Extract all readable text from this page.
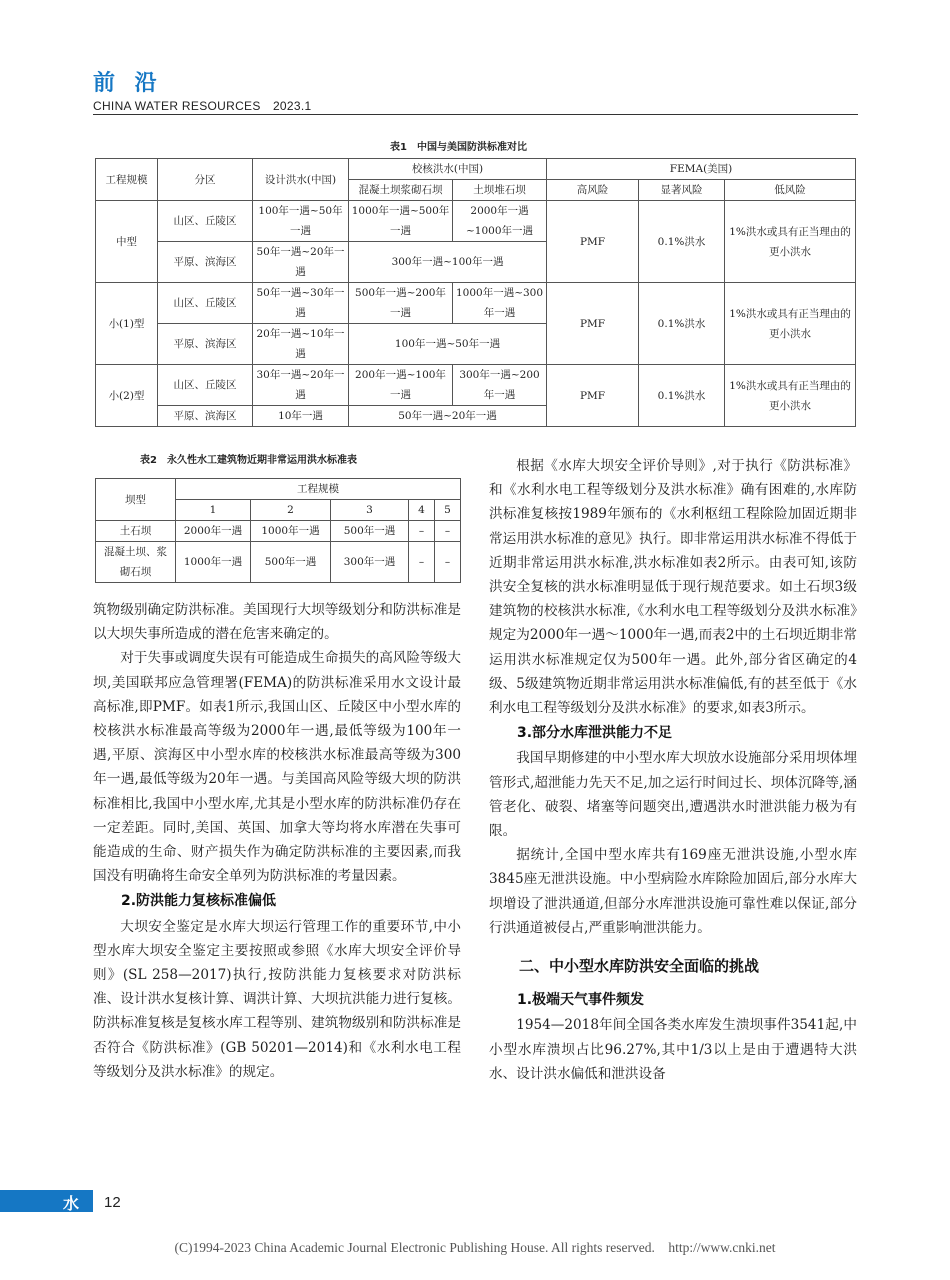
前 沿
CHINA WATER RESOURCES　2023.1
表1　中国与美国防洪标准对比
工程规模	分区	设计洪水(中国)	校核洪水(中国)		FEMA(美国)		
			混凝土坝浆砌石坝	土坝堆石坝	高风险	显著风险	低风险
中型	山区、丘陵区	100年一遇~50年一遇	1000年一遇~500年一遇	2000年一遇~1000年一遇	PMF	0.1%洪水	1%洪水或具有正当理由的更小洪水
	平原、滨海区	50年一遇~20年一遇	300年一遇~100年一遇				
小(1)型	山区、丘陵区	50年一遇~30年一遇	500年一遇~200年一遇	1000年一遇~300年一遇	PMF	0.1%洪水	1%洪水或具有正当理由的更小洪水
	平原、滨海区	20年一遇~10年一遇	100年一遇~50年一遇				
小(2)型	山区、丘陵区	30年一遇~20年一遇	200年一遇~100年一遇	300年一遇~200年一遇	PMF	0.1%洪水	1%洪水或具有正当理由的更小洪水
	平原、滨海区	10年一遇	50年一遇~20年一遇				
表2　永久性水工建筑物近期非常运用洪水标准表
坝型	工程规模				
	1	2	3	4	5
土石坝	2000年一遇	1000年一遇	500年一遇	–	–
混凝土坝、浆砌石坝	1000年一遇	500年一遇	300年一遇	–	–

筑物级别确定防洪标准。美国现行大坝等级划分和防洪标准是以大坝失事所造成的潜在危害来确定的。

对于失事或调度失误有可能造成生命损失的高风险等级大坝,美国联邦应急管理署(FEMA)的防洪标准采用水文设计最高标准,即PMF。如表1所示,我国山区、丘陵区中小型水库的校核洪水标准最高等级为2000年一遇,最低等级为100年一遇,平原、滨海区中小型水库的校核洪水标准最高等级为300年一遇,最低等级为20年一遇。与美国高风险等级大坝的防洪标准相比,我国中小型水库,尤其是小型水库的防洪标准仍存在一定差距。同时,美国、英国、加拿大等均将水库潜在失事可能造成的生命、财产损失作为确定防洪标准的主要因素,而我国没有明确将生命安全单列为防洪标准的考量因素。

2.防洪能力复核标准偏低

大坝安全鉴定是水库大坝运行管理工作的重要环节,中小型水库大坝安全鉴定主要按照或参照《水库大坝安全评价导则》(SL 258—2017)执行,按防洪能力复核要求对防洪标准、设计洪水复核计算、调洪计算、大坝抗洪能力进行复核。防洪标准复核是复核水库工程等别、建筑物级别和防洪标准是否符合《防洪标准》(GB 50201—2014)和《水利水电工程等级划分及洪水标准》的规定。

根据《水库大坝安全评价导则》,对于执行《防洪标准》和《水利水电工程等级划分及洪水标准》确有困难的,水库防洪标准复核按1989年颁布的《水利枢纽工程除险加固近期非常运用洪水标准的意见》执行。即非常运用洪水标准不得低于近期非常运用洪水标准,洪水标准如表2所示。由表可知,该防洪安全复核的洪水标准明显低于现行规范要求。如土石坝3级建筑物的校核洪水标准,《水利水电工程等级划分及洪水标准》规定为2000年一遇～1000年一遇,而表2中的土石坝近期非常运用洪水标准规定仅为500年一遇。此外,部分省区确定的4级、5级建筑物近期非常运用洪水标准偏低,有的甚至低于《水利水电工程等级划分及洪水标准》的要求,如表3所示。

3.部分水库泄洪能力不足

我国早期修建的中小型水库大坝放水设施部分采用坝体埋管形式,超泄能力先天不足,加之运行时间过长、坝体沉降等,涵管老化、破裂、堵塞等问题突出,遭遇洪水时泄洪能力极为有限。

据统计,全国中型水库共有169座无泄洪设施,小型水库3845座无泄洪设施。中小型病险水库除险加固后,部分水库大坝增设了泄洪通道,但部分水库泄洪设施可靠性难以保证,部分行洪通道被侵占,严重影响泄洪能力。

二、中小型水库防洪安全面临的挑战
1.极端天气事件频发

1954—2018年间全国各类水库发生溃坝事件3541起,中小型水库溃坝占比96.27%,其中1/3以上是由于遭遇特大洪水、设计洪水偏低和泄洪设备

水 12
(C)1994-2023 China Academic Journal Electronic Publishing House. All rights reserved.　http://www.cnki.net
